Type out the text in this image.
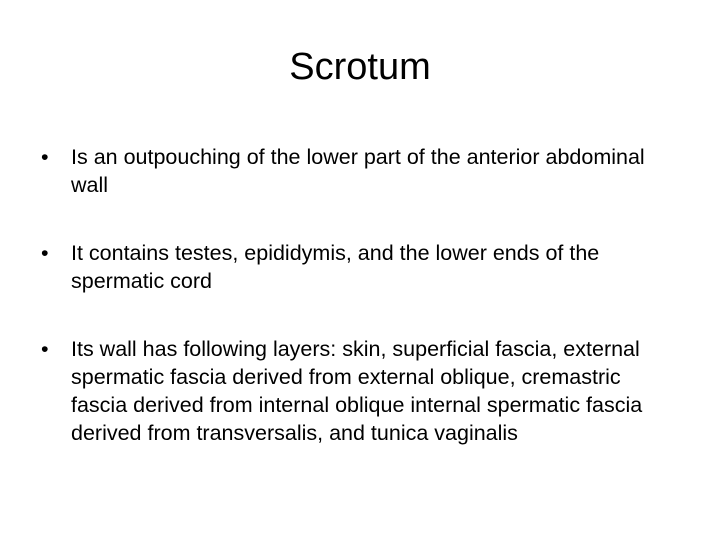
Scrotum
• Is an outpouching of the lower part of the anterior abdominal wall
• It contains testes, epididymis, and the lower ends of the spermatic cord
• Its wall has following layers: skin, superficial fascia, external spermatic fascia derived from external oblique, cremastric fascia derived from internal oblique internal spermatic fascia derived from transversalis, and tunica vaginalis
